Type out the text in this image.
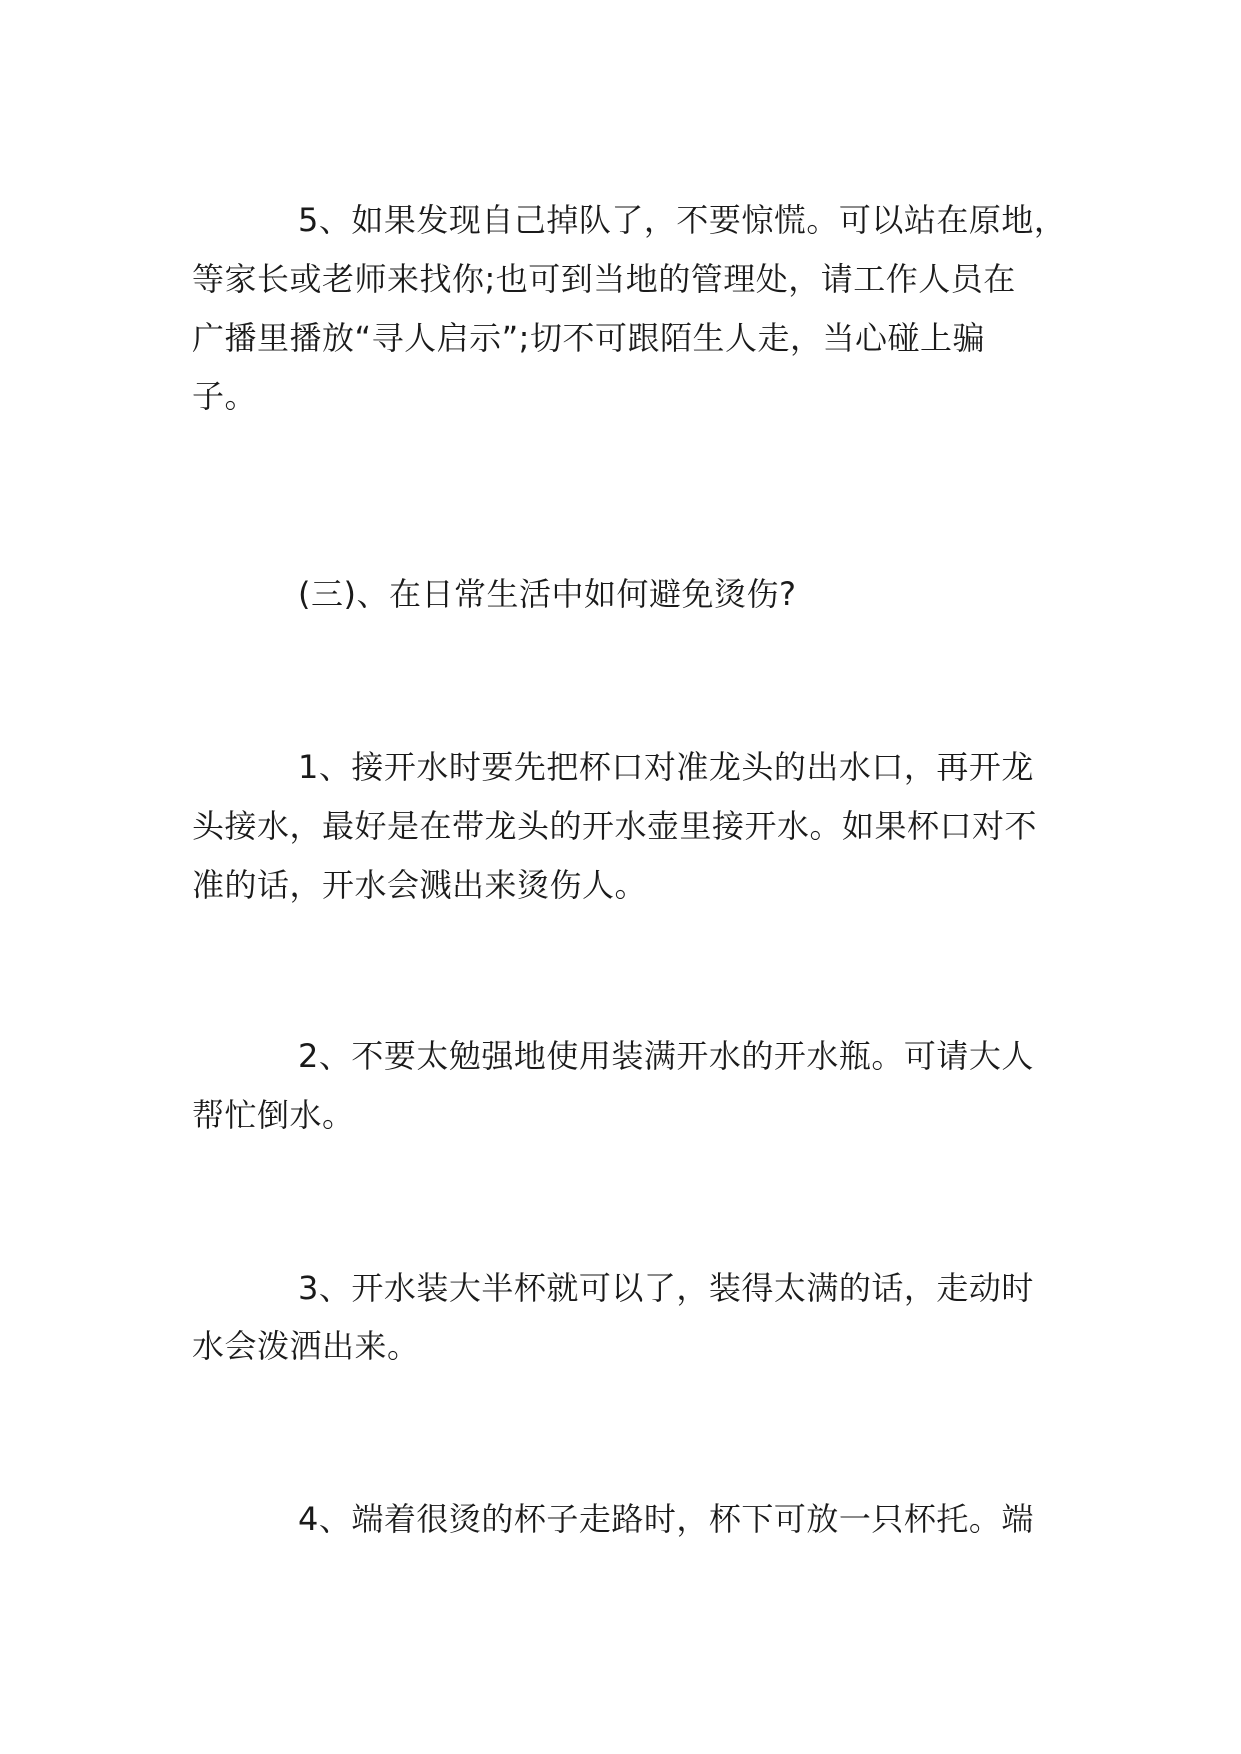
5、如果发现自己掉队了，不要惊慌。可以站在原地，

等家长或老师来找你;也可到当地的管理处，请工作人员在

广播里播放“寻人启示”;切不可跟陌生人走，当心碰上骗

子。

(三)、在日常生活中如何避免烫伤?

1、接开水时要先把杯口对准龙头的出水口，再开龙

头接水，最好是在带龙头的开水壶里接开水。如果杯口对不

准的话，开水会溅出来烫伤人。

2、不要太勉强地使用装满开水的开水瓶。可请大人

帮忙倒水。

3、开水装大半杯就可以了，装得太满的话，走动时

水会泼洒出来。

4、端着很烫的杯子走路时，杯下可放一只杯托。端
